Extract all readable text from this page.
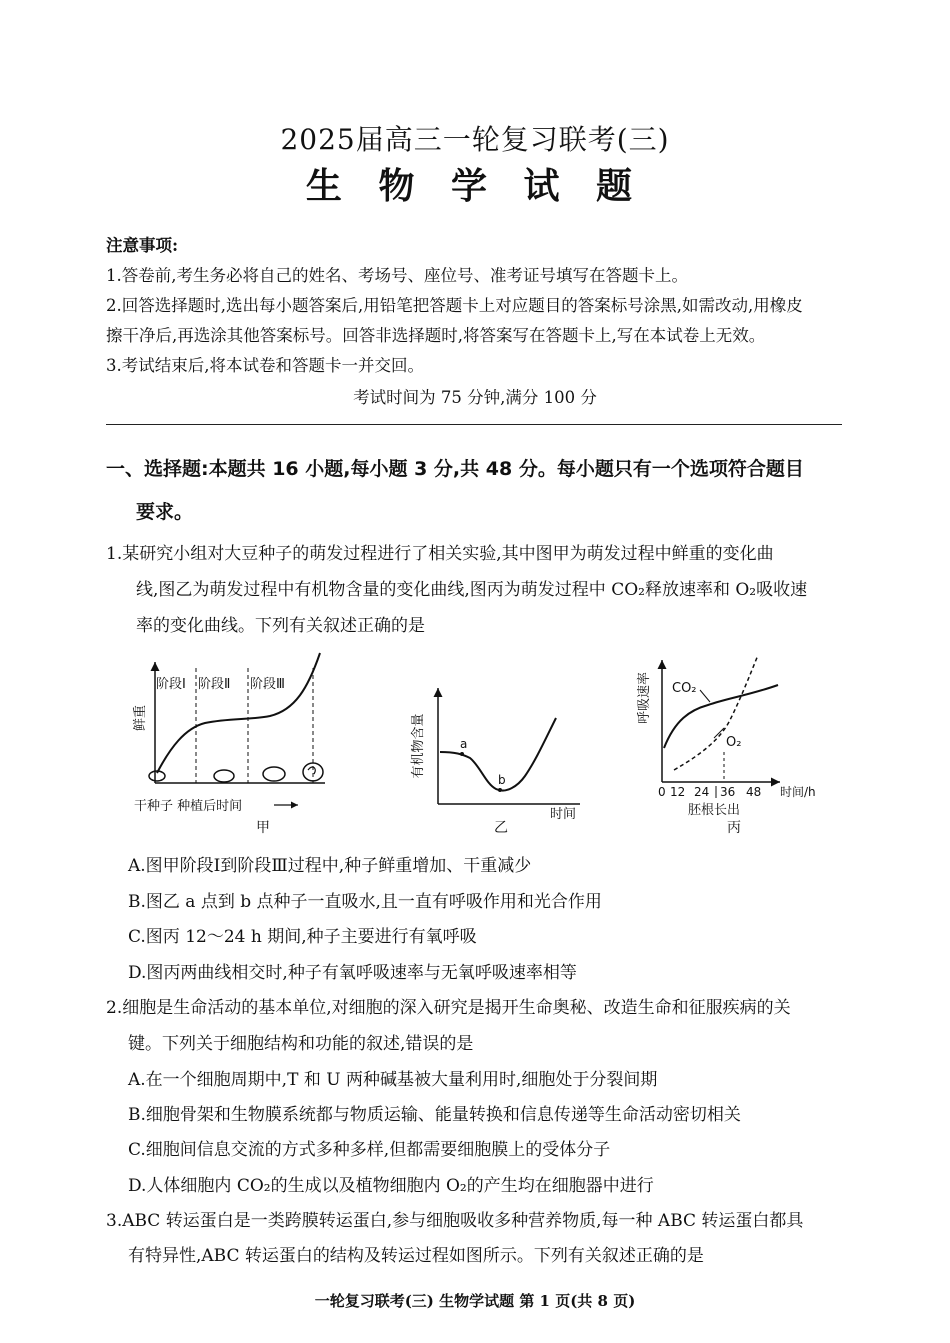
2025届高三一轮复习联考(三)
生 物 学 试 题
注意事项:
1.答卷前,考生务必将自己的姓名、考场号、座位号、准考证号填写在答题卡上。
2.回答选择题时,选出每小题答案后,用铅笔把答题卡上对应题目的答案标号涂黑,如需改动,用橡皮
擦干净后,再选涂其他答案标号。回答非选择题时,将答案写在答题卡上,写在本试卷上无效。
3.考试结束后,将本试卷和答题卡一并交回。
考试时间为 75 分钟,满分 100 分
一、选择题:本题共 16 小题,每小题 3 分,共 48 分。每小题只有一个选项符合题目
要求。
1.某研究小组对大豆种子的萌发过程进行了相关实验,其中图甲为萌发过程中鲜重的变化曲
线,图乙为萌发过程中有机物含量的变化曲线,图丙为萌发过程中 CO₂释放速率和 O₂吸收速
率的变化曲线。下列有关叙述正确的是
阶段Ⅰ 阶段Ⅱ 阶段Ⅲ
鲜重
干种子 种植后时间
甲
a
b
有机物含量
时间
乙
CO₂
O₂
呼吸速率
0 12 24 36 48 时间/h
胚根长出
丙
A.图甲阶段Ⅰ到阶段Ⅲ过程中,种子鲜重增加、干重减少
B.图乙 a 点到 b 点种子一直吸水,且一直有呼吸作用和光合作用
C.图丙 12～24 h 期间,种子主要进行有氧呼吸
D.图丙两曲线相交时,种子有氧呼吸速率与无氧呼吸速率相等
2.细胞是生命活动的基本单位,对细胞的深入研究是揭开生命奥秘、改造生命和征服疾病的关
键。下列关于细胞结构和功能的叙述,错误的是
A.在一个细胞周期中,T 和 U 两种碱基被大量利用时,细胞处于分裂间期
B.细胞骨架和生物膜系统都与物质运输、能量转换和信息传递等生命活动密切相关
C.细胞间信息交流的方式多种多样,但都需要细胞膜上的受体分子
D.人体细胞内 CO₂的生成以及植物细胞内 O₂的产生均在细胞器中进行
3.ABC 转运蛋白是一类跨膜转运蛋白,参与细胞吸收多种营养物质,每一种 ABC 转运蛋白都具
有特异性,ABC 转运蛋白的结构及转运过程如图所示。下列有关叙述正确的是
一轮复习联考(三) 生物学试题 第 1 页(共 8 页)
